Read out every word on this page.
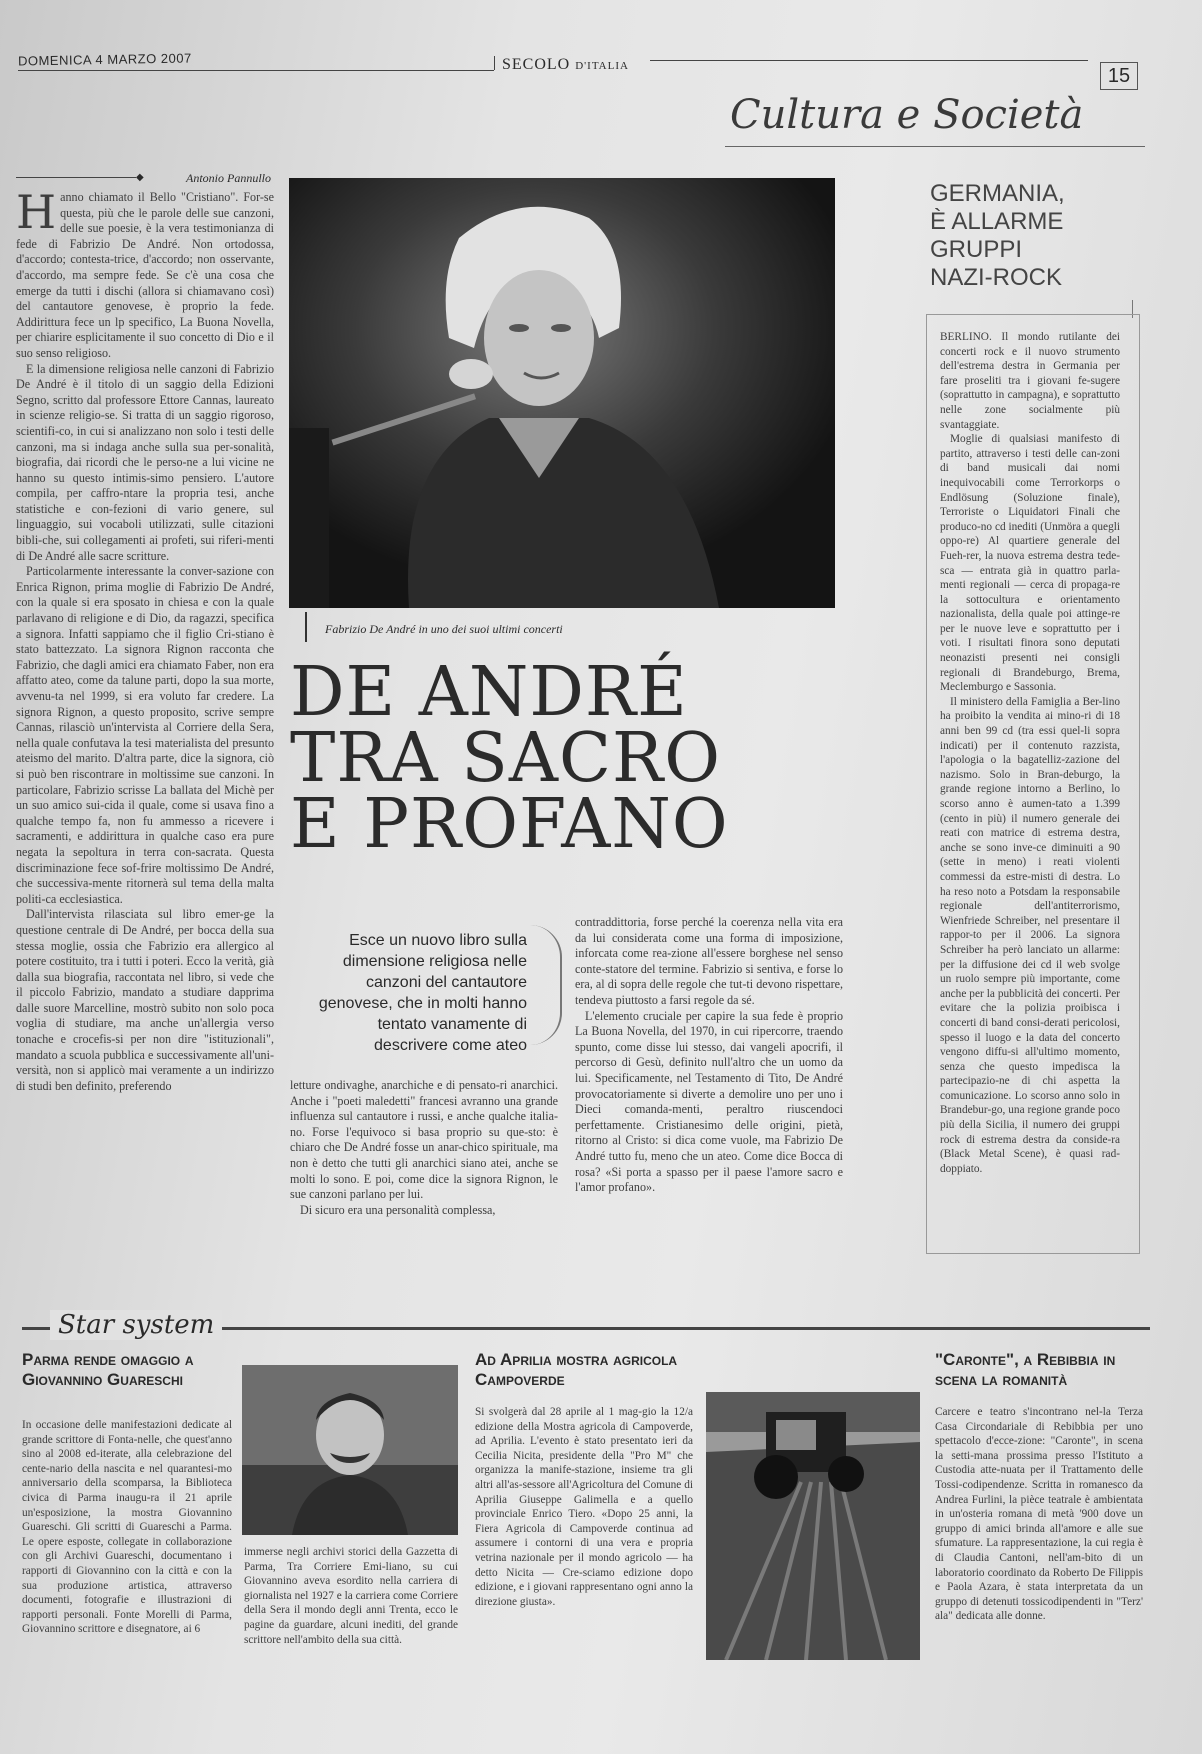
DOMENICA 4 MARZO 2007	SECOLO D'ITALIA	15
Cultura e Società
◆	Antonio Pannullo

Hanno chiamato il Bello "Cristiano". For-se questa, più che le parole delle sue canzoni, delle sue poesie, è la vera testimonianza di fede di Fabrizio De André. Non ortodossa, d'accordo; contesta-trice, d'accordo; non osservante, d'accordo, ma sempre fede. Se c'è una cosa che emerge da tutti i dischi (allora si chiamavano così) del cantautore genovese, è proprio la fede. Addirittura fece un lp specifico, La Buona Novella, per chiarire esplicitamente il suo concetto di Dio e il suo senso religioso.

E la dimensione religiosa nelle canzoni di Fabrizio De André è il titolo di un saggio della Edizioni Segno, scritto dal professore Ettore Cannas, laureato in scienze religio-se. Si tratta di un saggio rigoroso, scientifi-co, in cui si analizzano non solo i testi delle canzoni, ma si indaga anche sulla sua per-sonalità, biografia, dai ricordi che le perso-ne a lui vicine ne hanno su questo intimis-simo pensiero. L'autore compila, per caffro-ntare la propria tesi, anche statistiche e con-fezioni di vario genere, sul linguaggio, sui vocaboli utilizzati, sulle citazioni bibli-che, sui collegamenti ai profeti, sui riferi-menti di De André alle sacre scritture.

Particolarmente interessante la conver-sazione con Enrica Rignon, prima moglie di Fabrizio De André, con la quale si era sposato in chiesa e con la quale parlavano di religione e di Dio, da ragazzi, specifica a signora. Infatti sappiamo che il figlio Cri-stiano è stato battezzato. La signora Rignon racconta che Fabrizio, che dagli amici era chiamato Faber, non era affatto ateo, come da talune parti, dopo la sua morte, avvenu-ta nel 1999, si era voluto far credere. La signora Rignon, a questo proposito, scrive sempre Cannas, rilasciò un'intervista al Corriere della Sera, nella quale confutava la tesi materialista del presunto ateismo del marito. D'altra parte, dice la signora, ciò si può ben riscontrare in moltissime sue canzoni. In particolare, Fabrizio scrisse La ballata del Michè per un suo amico sui-cida il quale, come si usava fino a qualche tempo fa, non fu ammesso a ricevere i sacramenti, e addirittura in qualche caso era pure negata la sepoltura in terra con-sacrata. Questa discriminazione fece sof-frire moltissimo De André, che successiva-mente ritornerà sul tema della malta politi-ca ecclesiastica.

Dall'intervista rilasciata sul libro emer-ge la questione centrale di De André, per bocca della sua stessa moglie, ossia che Fabrizio era allergico al potere costituito, tra i tutti i poteri. Ecco la verità, già dalla sua biografia, raccontata nel libro, si vede che il piccolo Fabrizio, mandato a studiare dapprima dalle suore Marcelline, mostrò subito non solo poca voglia di studiare, ma anche un'allergia verso tonache e crocefis-si per non dire "istituzionali", mandato a scuola pubblica e successivamente all'uni-versità, non si applicò mai veramente a un indirizzo di studi ben definito, preferendo

Fabrizio De André in uno dei suoi ultimi concerti
DE ANDRÉ
TRA SACRO
E PROFANO
Esce un nuovo libro sulla dimensione religiosa nelle canzoni del cantautore genovese, che in molti hanno tentato vanamente di descrivere come ateo

letture ondivaghe, anarchiche e di pensato-ri anarchici. Anche i "poeti maledetti" francesi avranno una grande influenza sul cantautore i russi, e anche qualche italia-no. Forse l'equivoco si basa proprio su que-sto: è chiaro che De André fosse un anar-chico spirituale, ma non è detto che tutti gli anarchici siano atei, anche se molti lo sono. E poi, come dice la signora Rignon, le sue canzoni parlano per lui.

Di sicuro era una personalità complessa,

contraddittoria, forse perché la coerenza nella vita era da lui considerata come una forma di imposizione, inforcata come rea-zione all'essere borghese nel senso conte-statore del termine. Fabrizio si sentiva, e forse lo era, al di sopra delle regole che tut-ti devono rispettare, tendeva piuttosto a farsi regole da sé.

L'elemento cruciale per capire la sua fede è proprio La Buona Novella, del 1970, in cui ripercorre, traendo spunto, come disse lui stesso, dai vangeli apocrifi, il percorso di Gesù, definito null'altro che un uomo da lui. Specificamente, nel Testamento di Tito, De André provocatoriamente si diverte a demolire uno per uno i Dieci comanda-menti, peraltro riuscendoci perfettamente. Cristianesimo delle origini, pietà, ritorno al Cristo: si dica come vuole, ma Fabrizio De André tutto fu, meno che un ateo. Come dice Bocca di rosa? «Si porta a spasso per il paese l'amore sacro e l'amor profano».

GERMANIA,
È ALLARME
GRUPPI
NAZI-ROCK

BERLINO. Il mondo rutilante dei concerti rock e il nuovo strumento dell'estrema destra in Germania per fare proseliti tra i giovani fe-sugere (soprattutto in campagna), e soprattutto nelle zone socialmente più svantaggiate.

Moglie di qualsiasi manifesto di partito, attraverso i testi delle can-zoni di band musicali dai nomi inequivocabili come Terrorkorps o Endlösung (Soluzione finale), Terroriste o Liquidatori Finali che produco-no cd inediti (Unmöra a quegli oppo-re) Al quartiere generale del Fueh-rer, la nuova estrema destra tede-sca — entrata già in quattro parla-menti regionali — cerca di propaga-re la sottocultura e orientamento nazionalista, della quale poi attinge-re per le nuove leve e soprattutto per i voti. I risultati finora sono deputati neonazisti presenti nei consigli regionali di Brandeburgo, Brema, Meclemburgo e Sassonia.

Il ministero della Famiglia a Ber-lino ha proibito la vendita ai mino-ri di 18 anni ben 99 cd (tra essi quel-li sopra indicati) per il contenuto razzista, l'apologia o la bagatelliz-zazione del nazismo. Solo in Bran-deburgo, la grande regione intorno a Berlino, lo scorso anno è aumen-tato a 1.399 (cento in più) il numero generale dei reati con matrice di estrema destra, anche se sono inve-ce diminuiti a 90 (sette in meno) i reati violenti commessi da estre-misti di destra. Lo ha reso noto a Potsdam la responsabile regionale dell'antiterrorismo, Wienfriede Schreiber, nel presentare il rappor-to per il 2006. La signora Schreiber ha però lanciato un allarme: per la diffusione dei cd il web svolge un ruolo sempre più importante, come anche per la pubblicità dei concerti. Per evitare che la polizia proibisca i concerti di band consi-derati pericolosi, spesso il luogo e la data del concerto vengono diffu-si all'ultimo momento, senza che questo impedisca la partecipazio-ne di chi aspetta la comunicazione. Lo scorso anno solo in Brandebur-go, una regione grande poco più della Sicilia, il numero dei gruppi rock di estrema destra da conside-ra (Black Metal Scene), è quasi rad-doppiato.

Star system
Parma rende omaggio a Giovannino Guareschi
In occasione delle manifestazioni dedicate al grande scrittore di Fonta-nelle, che quest'anno sino al 2008 ed-iterate, alla celebrazione del cente-nario della nascita e nel quarantesi-mo anniversario della scomparsa, la Biblioteca civica di Parma inaugu-ra il 21 aprile un'esposizione, la mostra Giovannino Guareschi. Gli scritti di Guareschi a Parma. Le opere esposte, collegate in collaborazione con gli Archivi Guareschi, documentano i rapporti di Giovannino con la città e con la sua produzione artistica, attraverso documenti, fotografie e illustrazioni di rapporti personali. Fonte Morelli di Parma, Giovannino scrittore e disegnatore, ai 6
immerse negli archivi storici della Gazzetta di Parma, Tra Corriere Emi-liano, su cui Giovannino aveva esordito nella carriera di giornalista nel 1927 e la carriera come Corriere della Sera il mondo degli anni Trenta, ecco le pagine da guardare, alcuni inediti, del grande scrittore nell'ambito della sua città.
Ad Aprilia mostra agricola Campoverde
Si svolgerà dal 28 aprile al 1 mag-gio la 12/a edizione della Mostra agricola di Campoverde, ad Aprilia. L'evento è stato presentato ieri da Cecilia Nicita, presidente della "Pro M" che organizza la manife-stazione, insieme tra gli altri all'as-sessore all'Agricoltura del Comune di Aprilia Giuseppe Galimella e a quello provinciale Enrico Tiero. «Dopo 25 anni, la Fiera Agricola di Campoverde continua ad assumere i contorni di una vera e propria vetrina nazionale per il mondo agricolo — ha detto Nicita — Cre-sciamo edizione dopo edizione, e i giovani rappresentano ogni anno la direzione giusta».
"Caronte", a Rebibbia in scena la romanità
Carcere e teatro s'incontrano nel-la Terza Casa Circondariale di Rebibbia per uno spettacolo d'ecce-zione: "Caronte", in scena la setti-mana prossima presso l'Istituto a Custodia atte-nuata per il Trattamento delle Tossi-codipendenze. Scritta in romanesco da Andrea Furlini, la pièce teatrale è ambientata in un'osteria romana di metà '900 dove un gruppo di amici brinda all'amore e alle sue sfumature. La rappresentazione, la cui regia è di Claudia Cantoni, nell'am-bito di un laboratorio coordinato da Roberto De Filippis e Paola Azara, è stata interpretata da un gruppo di detenuti tossicodipendenti in "Terz' ala" dedicata alle donne.
